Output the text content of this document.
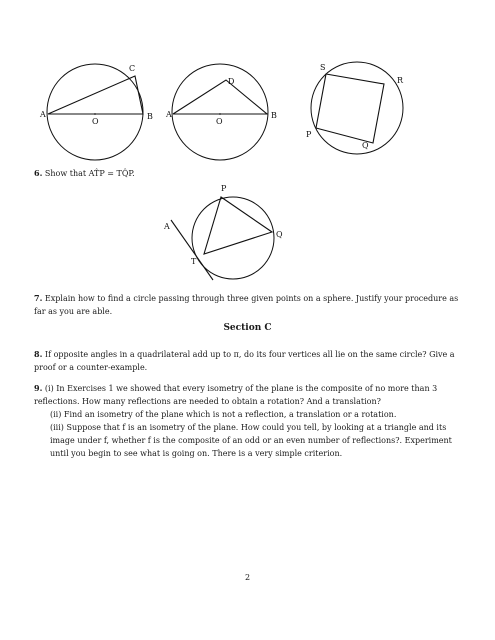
A
O
B
C
A
O
B
D
S
R
P
Q
P
A
Q
T
6. Show that AT̂P = TQ̂P.

7. Explain how to find a circle passing through three given points on a sphere. Justify your procedure as far as you are able.

Section C

8. If opposite angles in a quadrilateral add up to π, do its four vertices all lie on the same circle? Give a proof or a counter-example.

9. (i) In Exercises 1 we showed that every isometry of the plane is the composite of no more than 3 reflections. How many reflections are needed to obtain a rotation? And a translation?

(ii) Find an isometry of the plane which is not a reflection, a translation or a rotation.

(iii) Suppose that f is an isometry of the plane. How could you tell, by looking at a triangle and its image under f, whether f is the composite of an odd or an even number of reflections?. Experiment until you begin to see what is going on. There is a very simple criterion.

2
